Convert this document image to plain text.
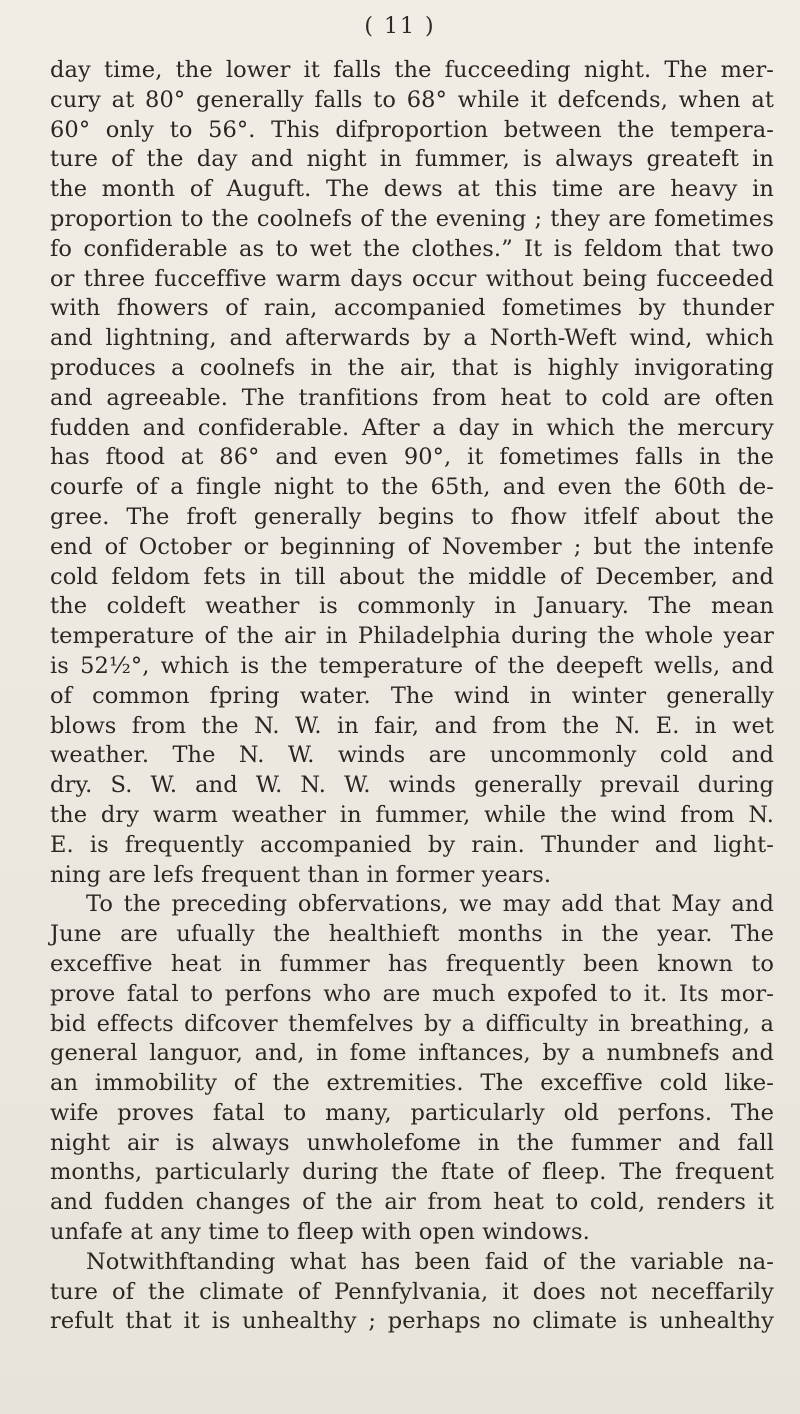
( 11 )
day time, the lower it falls the fucceeding night. The mer-
cury at 80° generally falls to 68° while it defcends, when at
60° only to 56°. This difproportion between the tempera-
ture of the day and night in fummer, is always greateft in
the month of Auguft. The dews at this time are heavy in
proportion to the coolnefs of the evening ; they are fometimes
fo confiderable as to wet the clothes.” It is feldom that two
or three fucceffive warm days occur without being fucceeded
with fhowers of rain, accompanied fometimes by thunder
and lightning, and afterwards by a North-Weft wind, which
produces a coolnefs in the air, that is highly invigorating
and agreeable. The tranfitions from heat to cold are often
fudden and confiderable. After a day in which the mercury
has ftood at 86° and even 90°, it fometimes falls in the
courfe of a fingle night to the 65th, and even the 60th de-
gree. The froft generally begins to fhow itfelf about the
end of October or beginning of November ; but the intenfe
cold feldom fets in till about the middle of December, and
the coldeft weather is commonly in January. The mean
temperature of the air in Philadelphia during the whole year
is 52½°, which is the temperature of the deepeft wells, and
of common fpring water. The wind in winter generally
blows from the N. W. in fair, and from the N. E. in wet
weather. The N. W. winds are uncommonly cold and
dry. S. W. and W. N. W. winds generally prevail during
the dry warm weather in fummer, while the wind from N.
E. is frequently accompanied by rain. Thunder and light-
ning are lefs frequent than in former years.
To the preceding obfervations, we may add that May and
June are ufually the healthieft months in the year. The
exceffive heat in fummer has frequently been known to
prove fatal to perfons who are much expofed to it. Its mor-
bid effects difcover themfelves by a difficulty in breathing, a
general languor, and, in fome inftances, by a numbnefs and
an immobility of the extremities. The exceffive cold like-
wife proves fatal to many, particularly old perfons. The
night air is always unwholefome in the fummer and fall
months, particularly during the ftate of fleep. The frequent
and fudden changes of the air from heat to cold, renders it
unfafe at any time to fleep with open windows.
Notwithftanding what has been faid of the variable na-
ture of the climate of Pennfylvania, it does not neceffarily
refult that it is unhealthy ; perhaps no climate is unhealthy
